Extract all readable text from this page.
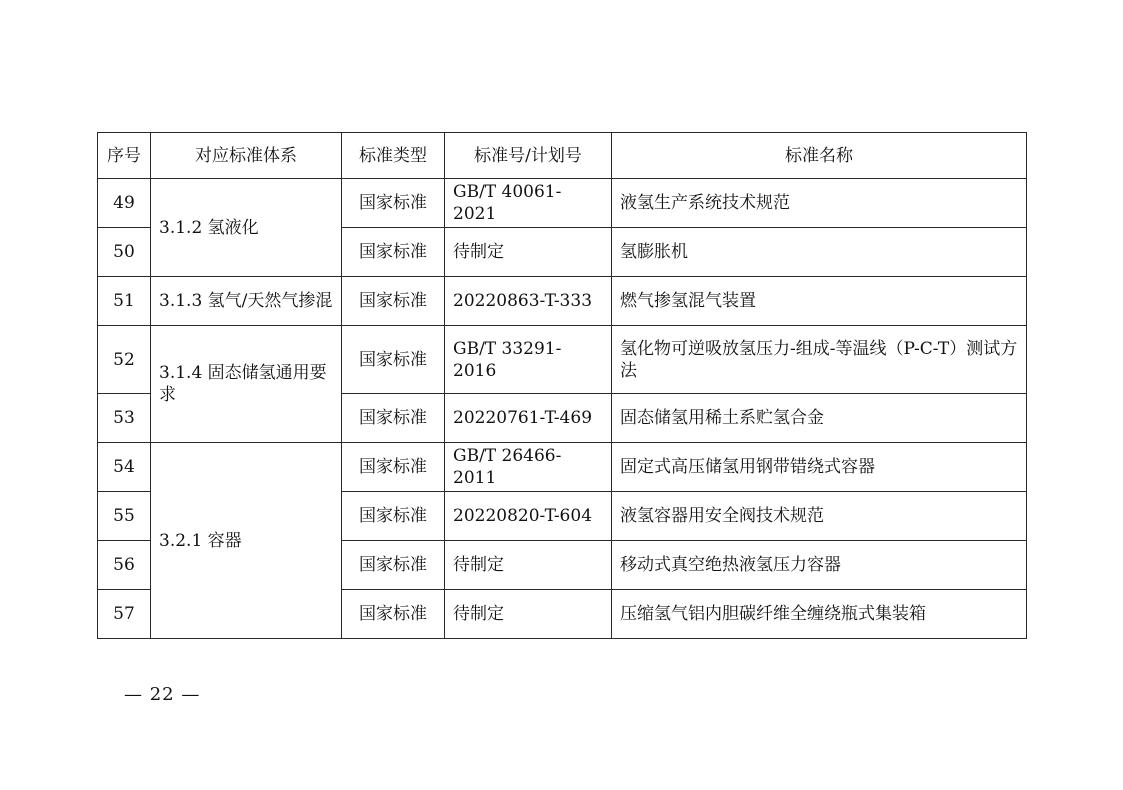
序号	对应标准体系	标准类型	标准号/计划号	标准名称
49	3.1.2 氢液化	国家标准	GB/T 40061-2021	液氢生产系统技术规范
50		国家标准	待制定	氢膨胀机
51	3.1.3 氢气/天然气掺混	国家标准	20220863-T-333	燃气掺氢混气装置
52	3.1.4 固态储氢通用要求	国家标准	GB/T 33291-2016	氢化物可逆吸放氢压力-组成-等温线（P-C-T）测试方法
53		国家标准	20220761-T-469	固态储氢用稀土系贮氢合金
54	3.2.1 容器	国家标准	GB/T 26466-2011	固定式高压储氢用钢带错绕式容器
55		国家标准	20220820-T-604	液氢容器用安全阀技术规范
56		国家标准	待制定	移动式真空绝热液氢压力容器
57		国家标准	待制定	压缩氢气铝内胆碳纤维全缠绕瓶式集装箱
— 22 —
